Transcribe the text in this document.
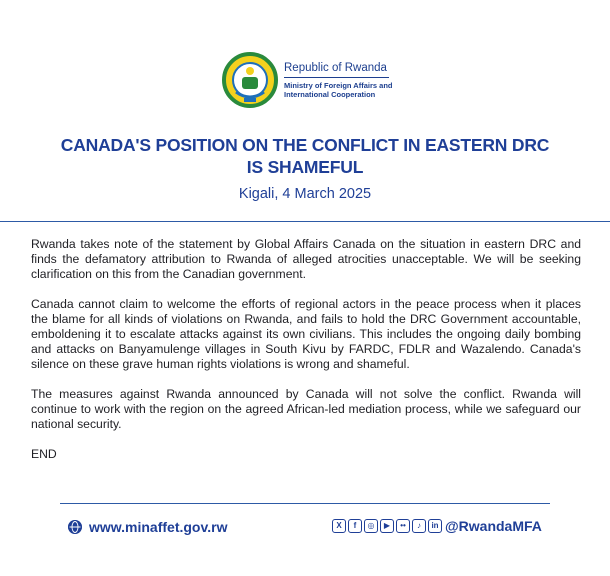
Republic of Rwanda
Ministry of Foreign Affairs and International Cooperation
CANADA'S POSITION ON THE CONFLICT IN EASTERN DRC
IS SHAMEFUL
Kigali, 4 March 2025

Rwanda takes note of the statement by Global Affairs Canada on the situation in eastern DRC and finds the defamatory attribution to Rwanda of alleged atrocities unacceptable. We will be seeking clarification on this from the Canadian government.

Canada cannot claim to welcome the efforts of regional actors in the peace process when it places the blame for all kinds of violations on Rwanda, and fails to hold the DRC Government accountable, emboldening it to escalate attacks against its own civilians. This includes the ongoing daily bombing and attacks on Banyamulenge villages in South Kivu by FARDC, FDLR and Wazalendo. Canada's silence on these grave human rights violations is wrong and shameful.

The measures against Rwanda announced by Canada will not solve the conflict. Rwanda will continue to work with the region on the agreed African-led mediation process, while we safeguard our national security.

END

www.minaffet.gov.rw	X	f	◎	▶	••	♪	in @RwandaMFA
